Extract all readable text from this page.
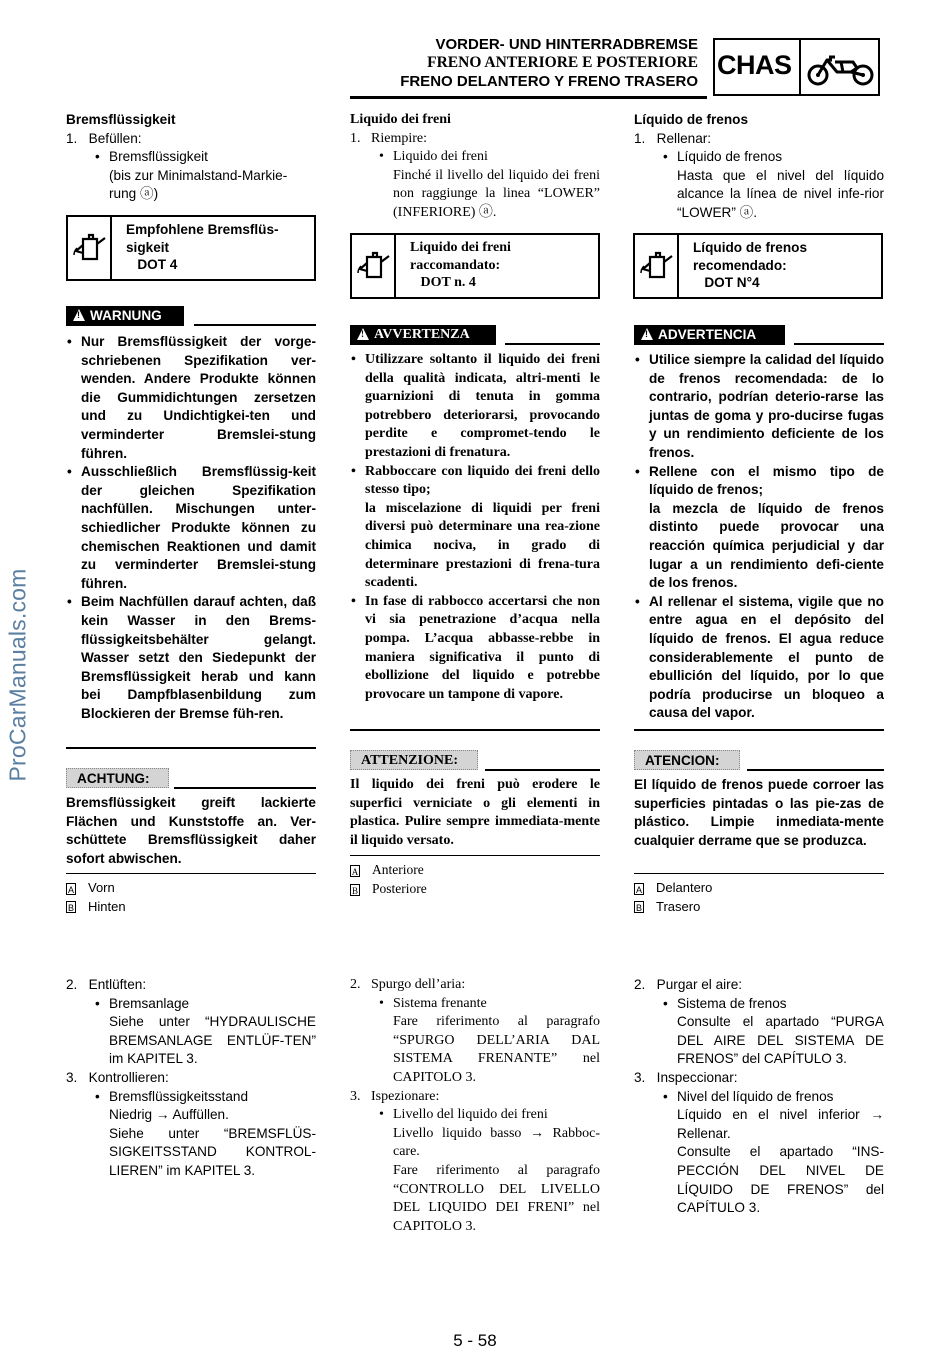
ProCarManuals.com
VORDER- UND HINTERRADBREMSE
FRENO ANTERIORE E POSTERIORE
FRENO DELANTERO Y FRENO TRASERO
CHAS
Bremsflüssigkeit
1.   Befüllen:
• Bremsflüssigkeit
(bis zur Minimalstand-Markie-
rung ⓐ)
Empfohlene Bremsflüs-
sigkeit
DOT 4
!
WARNUNG
• Nur Bremsflüssigkeit der vorge-schriebenen Spezifikation ver-wenden. Andere Produkte können die Gummidichtungen zersetzen und zu Undichtigkei-ten und verminderter Bremslei-stung führen.
• Ausschließlich Bremsflüssig-keit der gleichen Spezifikation nachfüllen. Mischungen unter-schiedlicher Produkte können zu chemischen Reaktionen und damit zu verminderter Bremslei-stung führen.
• Beim Nachfüllen darauf achten, daß kein Wasser in den Brems-flüssigkeitsbehälter gelangt. Wasser setzt den Siedepunkt der Bremsflüssigkeit herab und kann bei Dampfblasenbildung zum Blockieren der Bremse füh-ren.
ACHTUNG:
Bremsflüssigkeit greift lackierte Flächen und Kunststoffe an. Ver-schüttete Bremsflüssigkeit daher sofort abwischen.
A Vorn
B Hinten
2.   Entlüften:
• Bremsanlage
Siehe unter “HYDRAULISCHE BREMSANLAGE ENTLÜF-TEN” im KAPITEL 3.
3.   Kontrollieren:
• Bremsflüssigkeitsstand
Niedrig → Auffüllen.
Siehe unter “BREMSFLÜS-SIGKEITSSTAND KONTROL-LIEREN” im KAPITEL 3.
Liquido dei freni
1.   Riempire:
• Liquido dei freni
Finché il livello del liquido dei freni non raggiunge la linea “LOWER” (INFERIORE) ⓐ.
Liquido dei freni
raccomandato:
DOT n. 4
!
AVVERTENZA
• Utilizzare soltanto il liquido dei freni della qualità indicata, altri-menti le guarnizioni di tenuta in gomma potrebbero deteriorarsi, provocando perdite e compromet-tendo le prestazioni di frenatura.
• Rabboccare con liquido dei freni dello stesso tipo;
la miscelazione di liquidi per freni diversi può determinare una rea-zione chimica nociva, in grado di determinare prestazioni di frena-tura scadenti.
• In fase di rabbocco accertarsi che non vi sia penetrazione d’acqua nella pompa. L’acqua abbasse-rebbe in maniera significativa il punto di ebollizione del liquido e potrebbe provocare un tampone di vapore.
ATTENZIONE:
Il liquido dei freni può erodere le superfici verniciate o gli elementi in plastica. Pulire sempre immediata-mente il liquido versato.
A Anteriore
B Posteriore
2.   Spurgo dell’aria:
• Sistema frenante
Fare riferimento al paragrafo “SPURGO DELL’ARIA DAL SISTEMA FRENANTE” nel CAPITOLO 3.
3.   Ispezionare:
• Livello del liquido dei freni
Livello liquido basso → Rabboc-care.
Fare riferimento al paragrafo “CONTROLLO DEL LIVELLO DEL LIQUIDO DEI FRENI” nel CAPITOLO 3.
Líquido de frenos
1.   Rellenar:
• Líquido de frenos
Hasta que el nivel del líquido alcance la línea de nivel infe-rior “LOWER” ⓐ.
Líquido de frenos
recomendado:
DOT N°4
!
ADVERTENCIA
• Utilice siempre la calidad del líquido de frenos recomendada: de lo contrario, podrían deterio-rarse las juntas de goma y pro-ducirse fugas y un rendimiento deficiente de los frenos.
• Rellene con el mismo tipo de líquido de frenos;
la mezcla de líquido de frenos distinto puede provocar una reacción química perjudicial y dar lugar a un rendimiento defi-ciente de los frenos.
• Al rellenar el sistema, vigile que no entre agua en el depósito del líquido de frenos. El agua reduce considerablemente el punto de ebullición del líquido, por lo que podría producirse un bloqueo a causa del vapor.
ATENCION:
El líquido de frenos puede corroer las superficies pintadas o las pie-zas de plástico. Limpie inmediata-mente cualquier derrame que se produzca.
A Delantero
B Trasero
2.   Purgar el aire:
• Sistema de frenos
Consulte el apartado “PURGA DEL AIRE DEL SISTEMA DE FRENOS” del CAPÍTULO 3.
3.   Inspeccionar:
• Nivel del líquido de frenos
Líquido en el nivel inferior → Rellenar.
Consulte el apartado “INS-PECCIÓN DEL NIVEL DE LÍQUIDO DE FRENOS” del CAPÍTULO 3.
5 - 58
